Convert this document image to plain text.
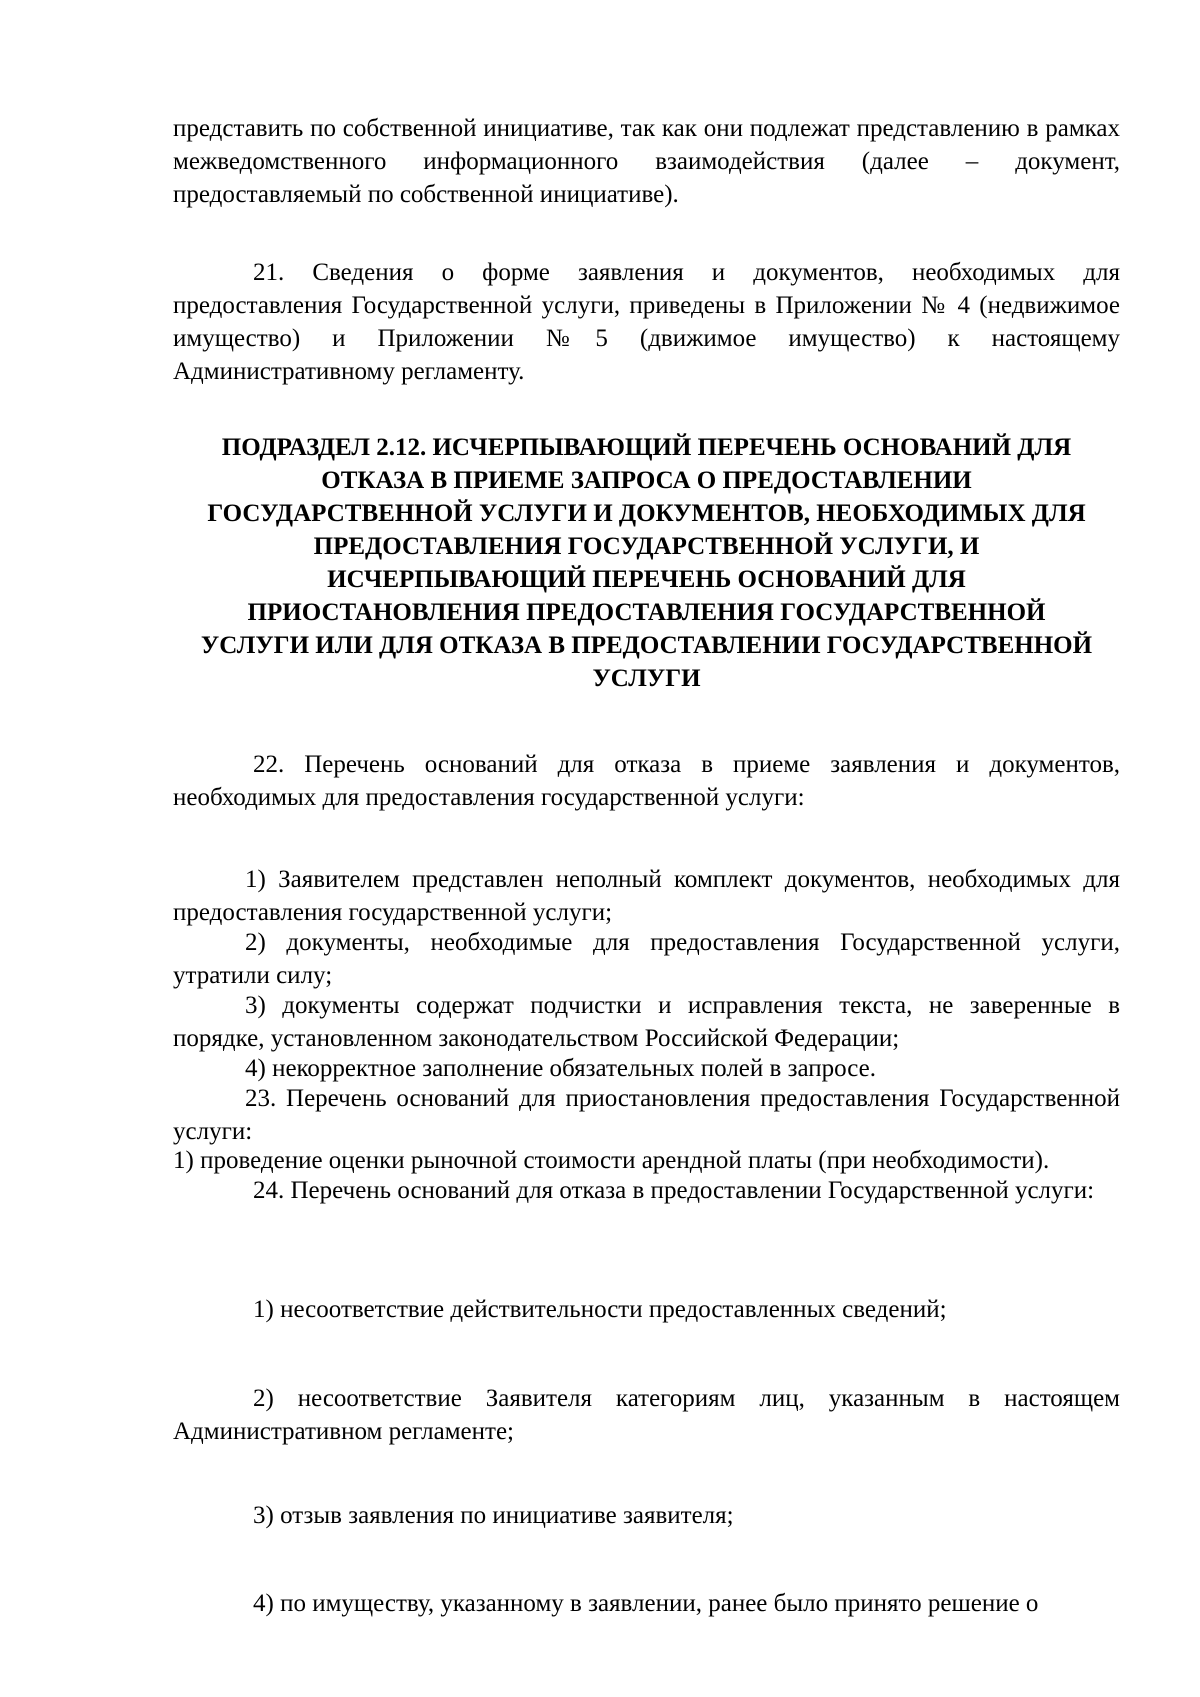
представить по собственной инициативе, так как они подлежат представлению в рамках межведомственного информационного взаимодействия (далее – документ, предоставляемый по собственной инициативе).

21. Сведения о форме заявления и документов, необходимых для предоставления Государственной услуги, приведены в Приложении № 4 (недвижимое имущество) и Приложении №5 (движимое имущество) к настоящему Административному регламенту.

ПОДРАЗДЕЛ 2.12. ИСЧЕРПЫВАЮЩИЙ ПЕРЕЧЕНЬ ОСНОВАНИЙ ДЛЯ
ОТКАЗА В ПРИЕМЕ ЗАПРОСА О ПРЕДОСТАВЛЕНИИ
ГОСУДАРСТВЕННОЙ УСЛУГИ И ДОКУМЕНТОВ, НЕОБХОДИМЫХ ДЛЯ
ПРЕДОСТАВЛЕНИЯ ГОСУДАРСТВЕННОЙ УСЛУГИ, И
ИСЧЕРПЫВАЮЩИЙ ПЕРЕЧЕНЬ ОСНОВАНИЙ ДЛЯ
ПРИОСТАНОВЛЕНИЯ ПРЕДОСТАВЛЕНИЯ ГОСУДАРСТВЕННОЙ
УСЛУГИ ИЛИ ДЛЯ ОТКАЗА В ПРЕДОСТАВЛЕНИИ ГОСУДАРСТВЕННОЙ
УСЛУГИ

22. Перечень оснований для отказа в приеме заявления и документов, необходимых для предоставления государственной услуги:

1) Заявителем представлен неполный комплект документов, необходимых для предоставления государственной услуги;

2) документы, необходимые для предоставления Государственной услуги, утратили силу;

3) документы содержат подчистки и исправления текста, не заверенные в порядке, установленном законодательством Российской Федерации;

4) некорректное заполнение обязательных полей в запросе.

23. Перечень оснований для приостановления предоставления Государственной услуги:

1) проведение оценки рыночной стоимости арендной платы (при необходимости).

24. Перечень оснований для отказа в предоставлении Государственной услуги:

1) несоответствие действительности предоставленных сведений;

2) несоответствие Заявителя категориям лиц, указанным в настоящем Административном регламенте;

3) отзыв заявления по инициативе заявителя;

4) по имуществу, указанному в заявлении, ранее было принято решение о
